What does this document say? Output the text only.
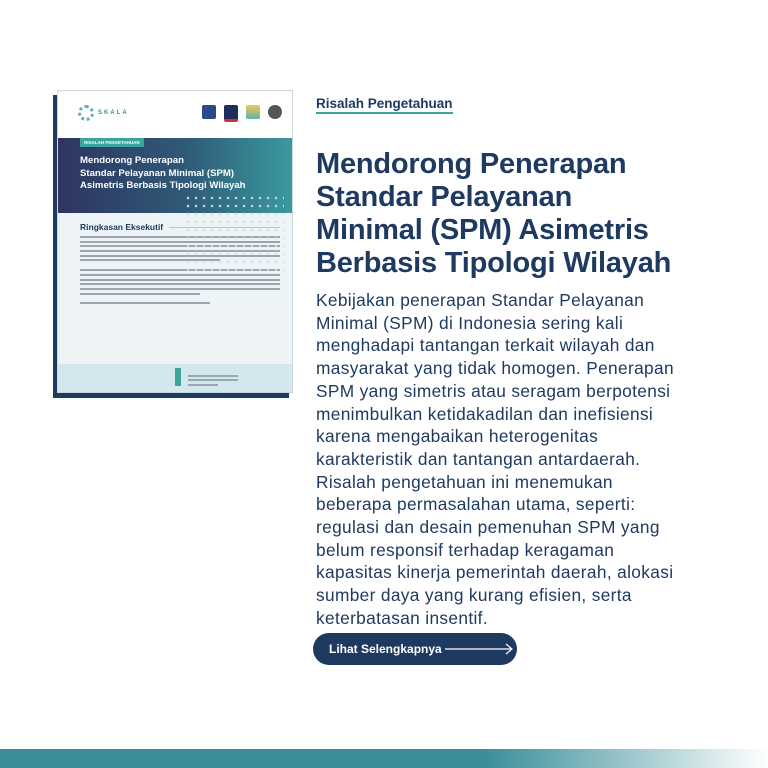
SKALA
RISALAH PENGETAHUAN
Mendorong Penerapan
Standar Pelayanan Minimal (SPM)
Asimetris Berbasis Tipologi Wilayah
Ringkasan Eksekutif
Risalah Pengetahuan
Mendorong Penerapan
Standar Pelayanan
Minimal (SPM) Asimetris
Berbasis Tipologi Wilayah
Kebijakan penerapan Standar Pelayanan
Minimal (SPM) di Indonesia sering kali
menghadapi tantangan terkait wilayah dan
masyarakat yang tidak homogen. Penerapan
SPM yang simetris atau seragam berpotensi
menimbulkan ketidakadilan dan inefisiensi
karena mengabaikan heterogenitas
karakteristik dan tantangan antardaerah.
Risalah pengetahuan ini menemukan
beberapa permasalahan utama, seperti:
regulasi dan desain pemenuhan SPM yang
belum responsif terhadap keragaman
kapasitas kinerja pemerintah daerah, alokasi
sumber daya yang kurang efisien, serta
keterbatasan insentif.
Lihat Selengkapnya
